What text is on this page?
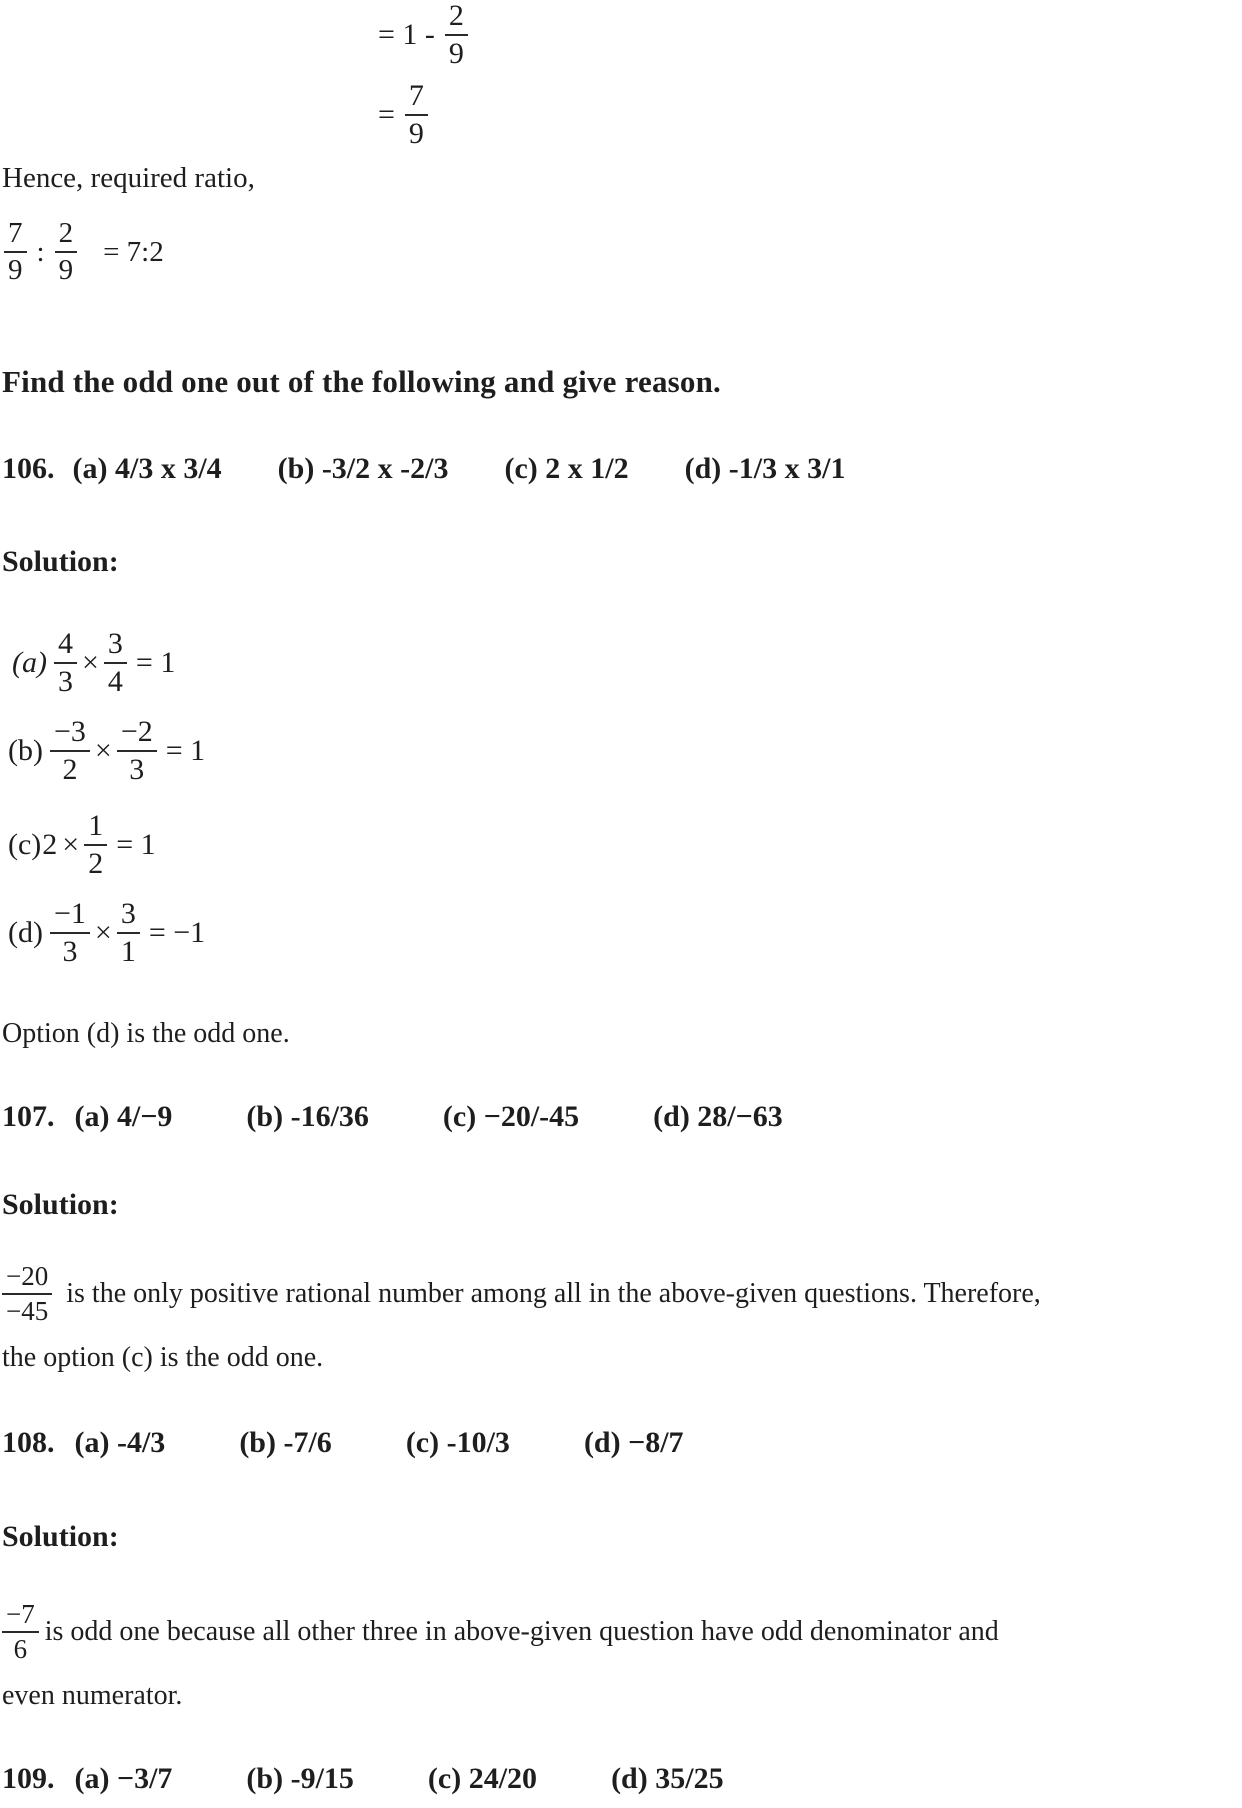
= $1 - \frac{2}{9}$
= $\frac{7}{9}$
Hence, required ratio,
$\frac{7}{9}$ : $\frac{2}{9}$ = 7:2
Find the odd one out of the following and give reason.
106. (a) 4/3 x 3/4 (b) -3/2 x -2/3 (c) 2 x 1/2 (d) -1/3 x 3/1
Solution:
$(a) \frac{4}{3} \times \frac{3}{4} = 1$
$(b) \frac{-3}{2} \times \frac{-2}{3} = 1$
(c) $2 \times \frac{1}{2} = 1$
$(d) \frac{-1}{3} \times \frac{3}{1} = -1$
Option (d) is the odd one.
107. (a) 4/−9 (b) -16/36 (c) −20/-45 (d) 28/−63
Solution:
$\frac{-20}{-45}$ is the only positive rational number among all in the above-given questions. Therefore,
the option (c) is the odd one.
108. (a) -4/3 (b) -7/6 (c) -10/3 (d) −8/7
Solution:
$\frac{-7}{6}$ is odd one because all other three in above-given question have odd denominator and
even numerator.
109. (a) −3/7 (b) -9/15 (c) 24/20 (d) 35/25
